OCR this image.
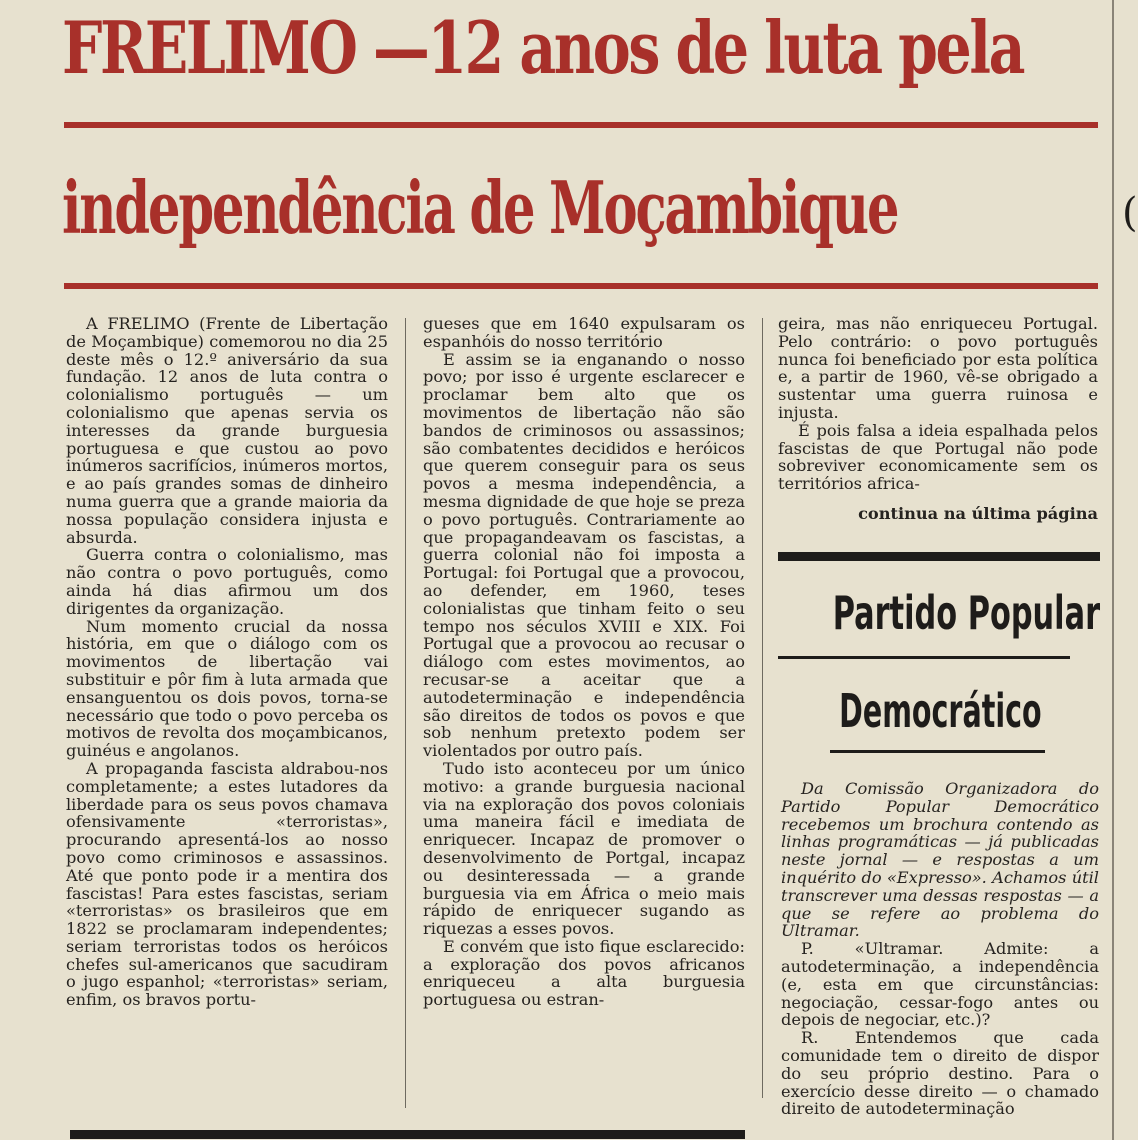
FRELIMO —12 anos de luta pela
independência de Moçambique

A FRELIMO (Frente de Libertação de Moçambique) comemorou no dia 25 deste mês o 12.º aniversário da sua fundação. 12 anos de luta contra o colonialismo português — um colonialismo que apenas servia os interesses da grande burguesia portuguesa e que custou ao povo inúmeros sacrifícios, inúmeros mortos, e ao país grandes somas de dinheiro numa guerra que a grande maioria da nossa população considera injusta e absurda.

Guerra contra o colonialismo, mas não contra o povo português, como ainda há dias afirmou um dos dirigentes da organização.

Num momento crucial da nossa história, em que o diálogo com os movimentos de libertação vai substituir e pôr fim à luta armada que ensanguentou os dois povos, torna-se necessário que todo o povo perceba os motivos de revolta dos moçambicanos, guinéus e angolanos.

A propaganda fascista aldrabou-nos completamente; a estes lutadores da liberdade para os seus povos chamava ofensivamente «terroristas», procurando apresentá-los ao nosso povo como criminosos e assassinos. Até que ponto pode ir a mentira dos fascistas! Para estes fascistas, seriam «terroristas» os brasileiros que em 1822 se proclamaram independentes; seriam terroristas todos os heróicos chefes sul-americanos que sacudiram o jugo espanhol; «terroristas» seriam, enfim, os bravos portu-

gueses que em 1640 expulsaram os espanhóis do nosso território

E assim se ia enganando o nosso povo; por isso é urgente esclarecer e proclamar bem alto que os movimentos de libertação não são bandos de criminosos ou assassinos; são combatentes decididos e heróicos que querem conseguir para os seus povos a mesma independência, a mesma dignidade de que hoje se preza o povo português. Contrariamente ao que propagandeavam os fascistas, a guerra colonial não foi imposta a Portugal: foi Portugal que a provocou, ao defender, em 1960, teses colonialistas que tinham feito o seu tempo nos séculos XVIII e XIX. Foi Portugal que a provocou ao recusar o diálogo com estes movimentos, ao recusar-se a aceitar que a autodeterminação e independência são direitos de todos os povos e que sob nenhum pretexto podem ser violentados por outro país.

Tudo isto aconteceu por um único motivo: a grande burguesia nacional via na exploração dos povos coloniais uma maneira fácil e imediata de enriquecer. Incapaz de promover o desenvolvimento de Portgal, incapaz ou desinteressada — a grande burguesia via em África o meio mais rápido de enriquecer sugando as riquezas a esses povos.

E convém que isto fique esclarecido: a exploração dos povos africanos enriqueceu a alta burguesia portuguesa ou estran-

geira, mas não enriqueceu Portugal. Pelo contrário: o povo português nunca foi beneficiado por esta política e, a partir de 1960, vê-se obrigado a sustentar uma guerra ruinosa e injusta.

É pois falsa a ideia espalhada pelos fascistas de que Portugal não pode sobreviver economicamente sem os territórios africa-

continua na última página

Partido Popular
Democrático

Da Comissão Organizadora do Partido Popular Democrático recebemos um brochura contendo as linhas programáticas — já publicadas neste jornal — e respostas a um inquérito do «Expresso». Achamos útil transcrever uma dessas respostas — a que se refere ao problema do Ultramar.

P. «Ultramar. Admite: a autodeterminação, a independência (e, esta em que circunstâncias: negociação, cessar-fogo antes ou depois de negociar, etc.)?

R. Entendemos que cada comunidade tem o direito de dispor do seu próprio destino. Para o exercício desse direito — o chamado direito de autodeterminação

(
